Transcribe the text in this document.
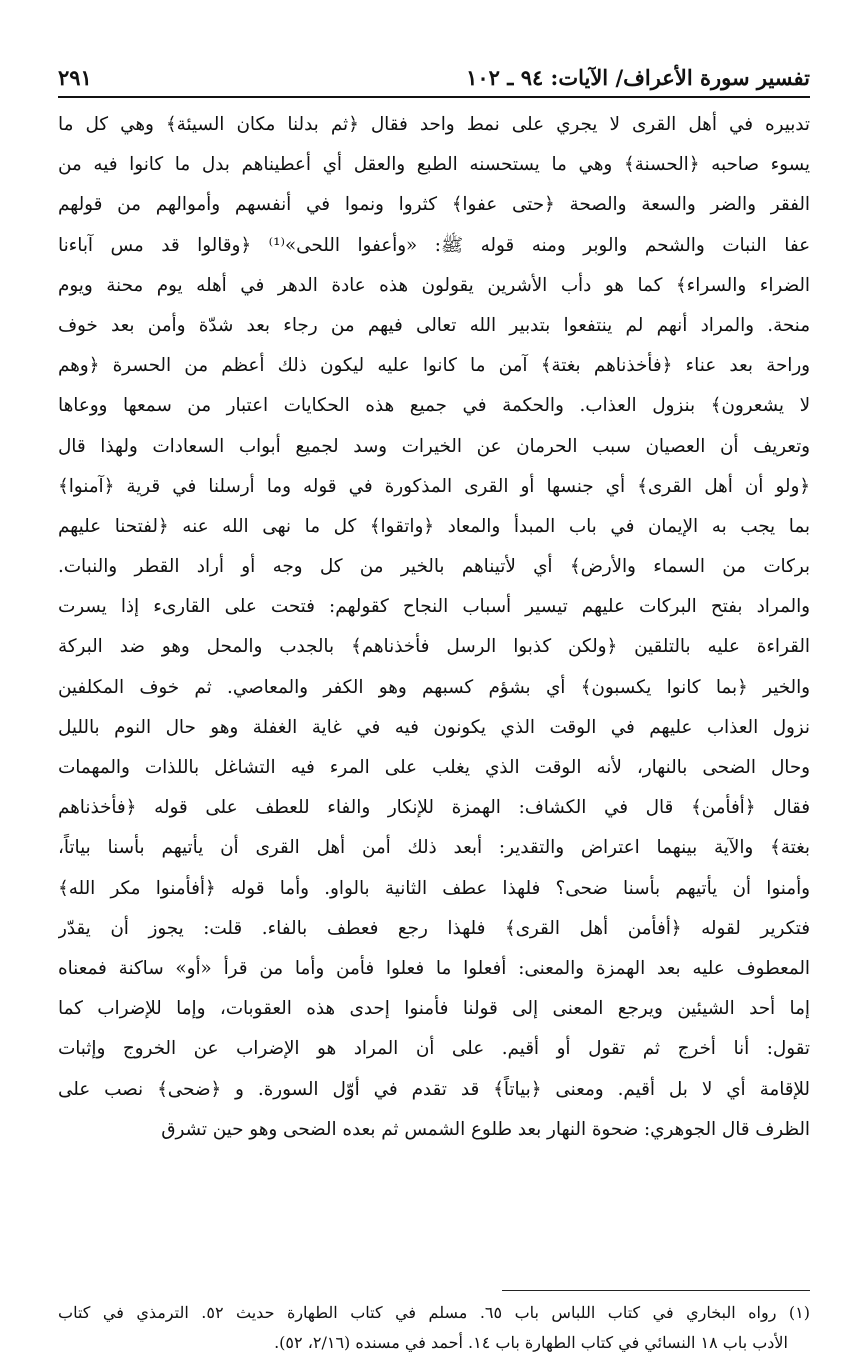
تفسير سورة الأعراف/ الآيات: ٩٤ ـ ١٠٢
٢٩١
تدبيره في أهل القرى لا يجري على نمط واحد فقال ﴿ثم بدلنا مكان السيئة﴾ وهي كل ما
يسوء صاحبه ﴿الحسنة﴾ وهي ما يستحسنه الطبع والعقل أي أعطيناهم بدل ما كانوا فيه من
الفقر والضر والسعة والصحة ﴿حتى عفوا﴾ كثروا ونموا في أنفسهم وأموالهم من قولهم
عفا النبات والشحم والوبر ومنه قوله ﷺ: «وأعفوا اللحى»⁽¹⁾ ﴿وقالوا قد مس آباءنا
الضراء والسراء﴾ كما هو دأب الأشرين يقولون هذه عادة الدهر في أهله يوم محنة ويوم
منحة. والمراد أنهم لم ينتفعوا بتدبير الله تعالى فيهم من رجاء بعد شدّة وأمن بعد خوف
وراحة بعد عناء ﴿فأخذناهم بغتة﴾ آمن ما كانوا عليه ليكون ذلك أعظم من الحسرة ﴿وهم
لا يشعرون﴾ بنزول العذاب. والحكمة في جميع هذه الحكايات اعتبار من سمعها ووعاها
وتعريف أن العصيان سبب الحرمان عن الخيرات وسد لجميع أبواب السعادات ولهذا قال
﴿ولو أن أهل القرى﴾ أي جنسها أو القرى المذكورة في قوله وما أرسلنا في قرية ﴿آمنوا﴾
بما يجب به الإيمان في باب المبدأ والمعاد ﴿واتقوا﴾ كل ما نهى الله عنه ﴿لفتحنا عليهم
بركات من السماء والأرض﴾ أي لأتيناهم بالخير من كل وجه أو أراد القطر والنبات.
والمراد بفتح البركات عليهم تيسير أسباب النجاح كقولهم: فتحت على القارىء إذا يسرت
القراءة عليه بالتلقين ﴿ولكن كذبوا الرسل فأخذناهم﴾ بالجدب والمحل وهو ضد البركة
والخير ﴿بما كانوا يكسبون﴾ أي بشؤم كسبهم وهو الكفر والمعاصي. ثم خوف المكلفين
نزول العذاب عليهم في الوقت الذي يكونون فيه في غاية الغفلة وهو حال النوم بالليل
وحال الضحى بالنهار، لأنه الوقت الذي يغلب على المرء فيه التشاغل باللذات والمهمات
فقال ﴿أفأمن﴾ قال في الكشاف: الهمزة للإنكار والفاء للعطف على قوله ﴿فأخذناهم
بغتة﴾ والآية بينهما اعتراض والتقدير: أبعد ذلك أمن أهل القرى أن يأتيهم بأسنا بياتاً،
وأمنوا أن يأتيهم بأسنا ضحى؟ فلهذا عطف الثانية بالواو. وأما قوله ﴿أفأمنوا مكر الله﴾
فتكرير لقوله ﴿أفأمن أهل القرى﴾ فلهذا رجع فعطف بالفاء. قلت: يجوز أن يقدّر
المعطوف عليه بعد الهمزة والمعنى: أفعلوا ما فعلوا فأمن وأما من قرأ «أو» ساكنة فمعناه
إما أحد الشيئين ويرجع المعنى إلى قولنا فأمنوا إحدى هذه العقوبات، وإما للإضراب كما
تقول: أنا أخرج ثم تقول أو أقيم. على أن المراد هو الإضراب عن الخروج وإثبات
للإقامة أي لا بل أقيم. ومعنى ﴿بياتاً﴾ قد تقدم في أوّل السورة. و ﴿ضحى﴾ نصب على
الظرف قال الجوهري: ضحوة النهار بعد طلوع الشمس ثم بعده الضحى وهو حين تشرق
(١) رواه البخاري في كتاب اللباس باب ٦٥. مسلم في كتاب الطهارة حديث ٥٢. الترمذي في كتاب
الأدب باب ١٨ النسائي في كتاب الطهارة باب ١٤. أحمد في مسنده (٢/١٦، ٥٢).
